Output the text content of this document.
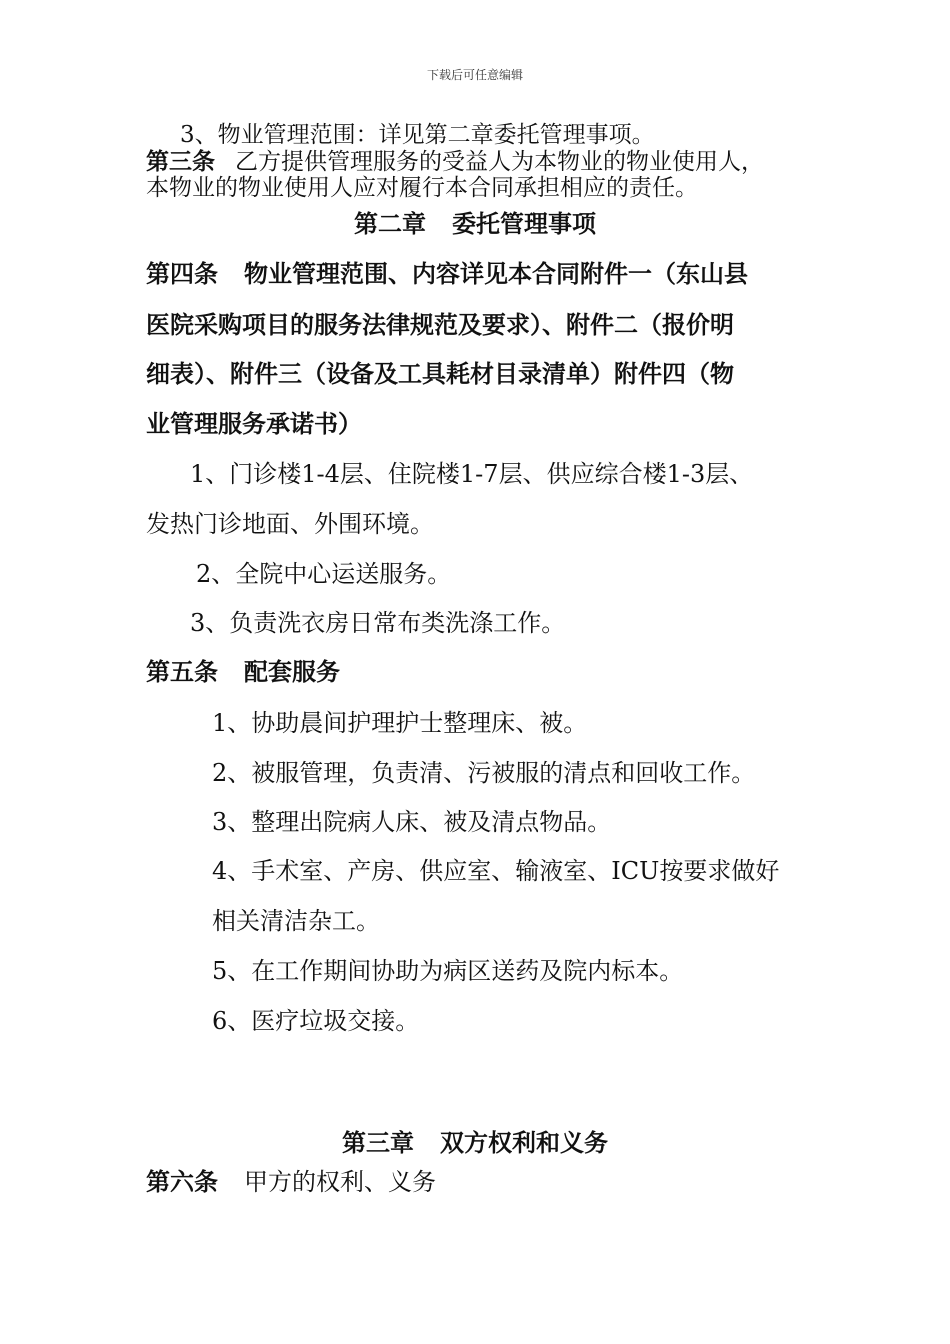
下载后可任意编辑
3、物业管理范围：详见第二章委托管理事项。
第三条 乙方提供管理服务的受益人为本物业的物业使用人，
本物业的物业使用人应对履行本合同承担相应的责任。
第二章 委托管理事项
第四条 物业管理范围、内容详见本合同附件一（东山县
医院采购项目的服务法律规范及要求）、附件二（报价明
细表）、附件三（设备及工具耗材目录清单）附件四（物
业管理服务承诺书）
1、门诊楼1-4层、住院楼1-7层、供应综合楼1-3层、
发热门诊地面、外围环境。
2、全院中心运送服务。
3、负责洗衣房日常布类洗涤工作。
第五条 配套服务
1、协助晨间护理护士整理床、被。
2、被服管理，负责清、污被服的清点和回收工作。
3、整理出院病人床、被及清点物品。
4、手术室、产房、供应室、输液室、ICU按要求做好
相关清洁杂工。
5、在工作期间协助为病区送药及院内标本。
6、医疗垃圾交接。
第三章 双方权利和义务
第六条 甲方的权利、义务
